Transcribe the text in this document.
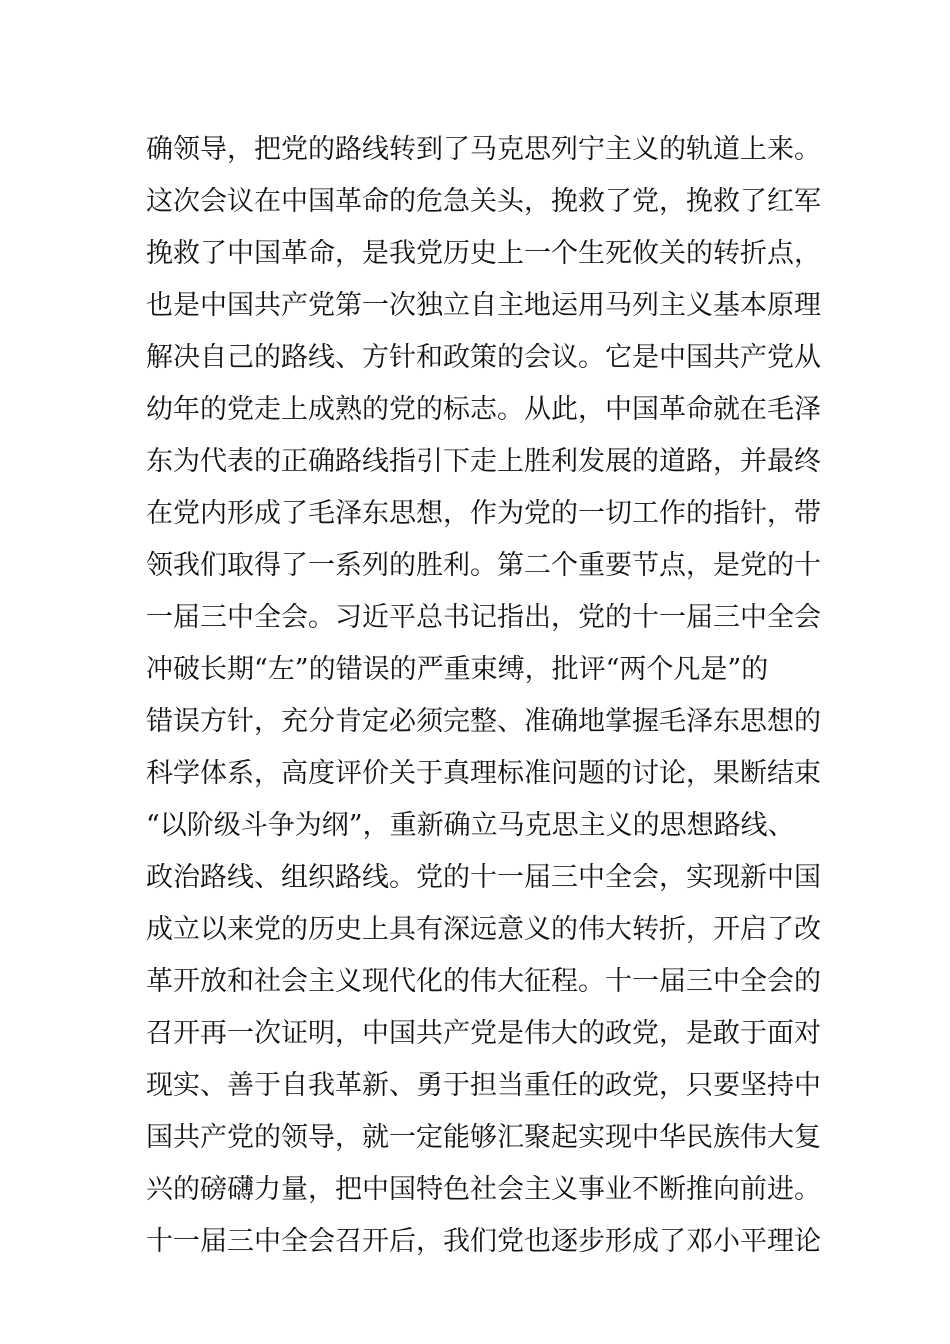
确领导，把党的路线转到了马克思列宁主义的轨道上来。
这次会议在中国革命的危急关头，挽救了党，挽救了红军
挽救了中国革命，是我党历史上一个生死攸关的转折点，
也是中国共产党第一次独立自主地运用马列主义基本原理
解决自己的路线、方针和政策的会议。它是中国共产党从
幼年的党走上成熟的党的标志。从此，中国革命就在毛泽
东为代表的正确路线指引下走上胜利发展的道路，并最终
在党内形成了毛泽东思想，作为党的一切工作的指针，带
领我们取得了一系列的胜利。第二个重要节点，是党的十
一届三中全会。习近平总书记指出，党的十一届三中全会
冲破长期“左”的错误的严重束缚，批评“两个凡是”的
错误方针，充分肯定必须完整、准确地掌握毛泽东思想的
科学体系，高度评价关于真理标准问题的讨论，果断结束
“以阶级斗争为纲”，重新确立马克思主义的思想路线、
政治路线、组织路线。党的十一届三中全会，实现新中国
成立以来党的历史上具有深远意义的伟大转折，开启了改
革开放和社会主义现代化的伟大征程。十一届三中全会的
召开再一次证明，中国共产党是伟大的政党，是敢于面对
现实、善于自我革新、勇于担当重任的政党，只要坚持中
国共产党的领导，就一定能够汇聚起实现中华民族伟大复
兴的磅礴力量，把中国特色社会主义事业不断推向前进。
十一届三中全会召开后，我们党也逐步形成了邓小平理论
